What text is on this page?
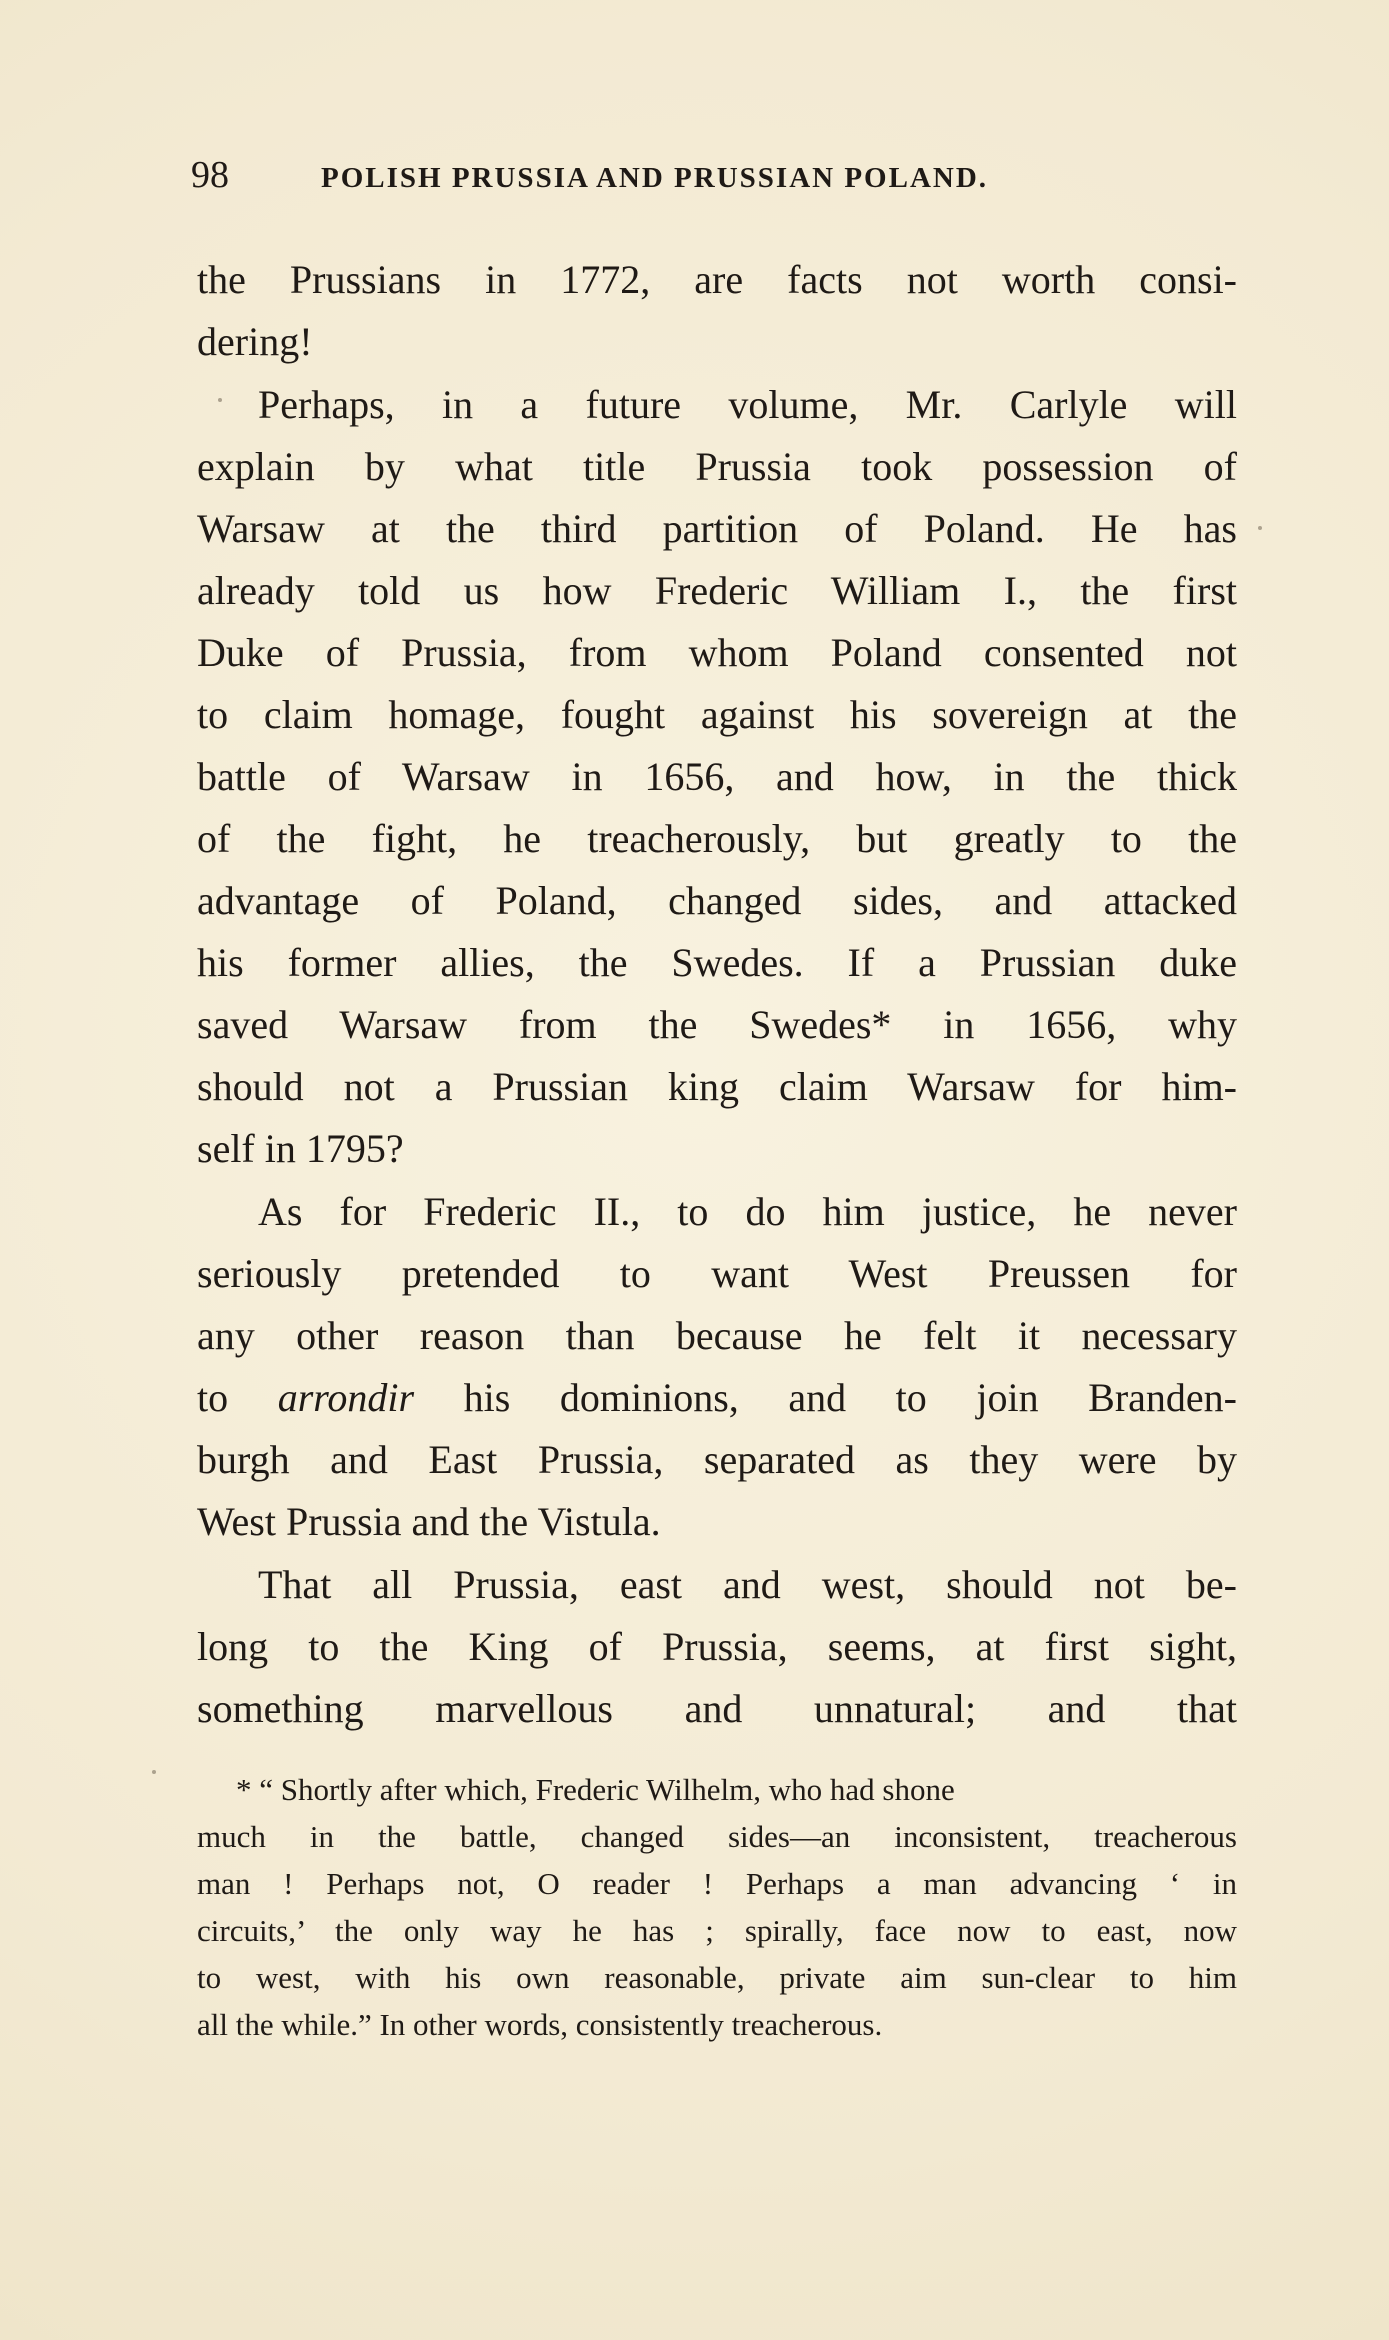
98	POLISH PRUSSIA AND PRUSSIAN POLAND.
the Prussians in 1772, are facts not worth consi-
dering!
Perhaps, in a future volume, Mr. Carlyle will
explain by what title Prussia took possession of
Warsaw at the third partition of Poland. He has
already told us how Frederic William I., the first
Duke of Prussia, from whom Poland consented not
to claim homage, fought against his sovereign at the
battle of Warsaw in 1656, and how, in the thick
of the fight, he treacherously, but greatly to the
advantage of Poland, changed sides, and attacked
his former allies, the Swedes. If a Prussian duke
saved Warsaw from the Swedes* in 1656, why
should not a Prussian king claim Warsaw for him-
self in 1795?
As for Frederic II., to do him justice, he never
seriously pretended to want West Preussen for
any other reason than because he felt it necessary
to arrondir his dominions, and to join Branden-
burgh and East Prussia, separated as they were by
West Prussia and the Vistula.
That all Prussia, east and west, should not be-
long to the King of Prussia, seems, at first sight,
something marvellous and unnatural; and that
* “ Shortly after which, Frederic Wilhelm, who had shone
much in the battle, changed sides—an inconsistent, treacherous
man ! Perhaps not, O reader ! Perhaps a man advancing ‘ in
circuits,’ the only way he has ; spirally, face now to east, now
to west, with his own reasonable, private aim sun-clear to him
all the while.” In other words, consistently treacherous.
